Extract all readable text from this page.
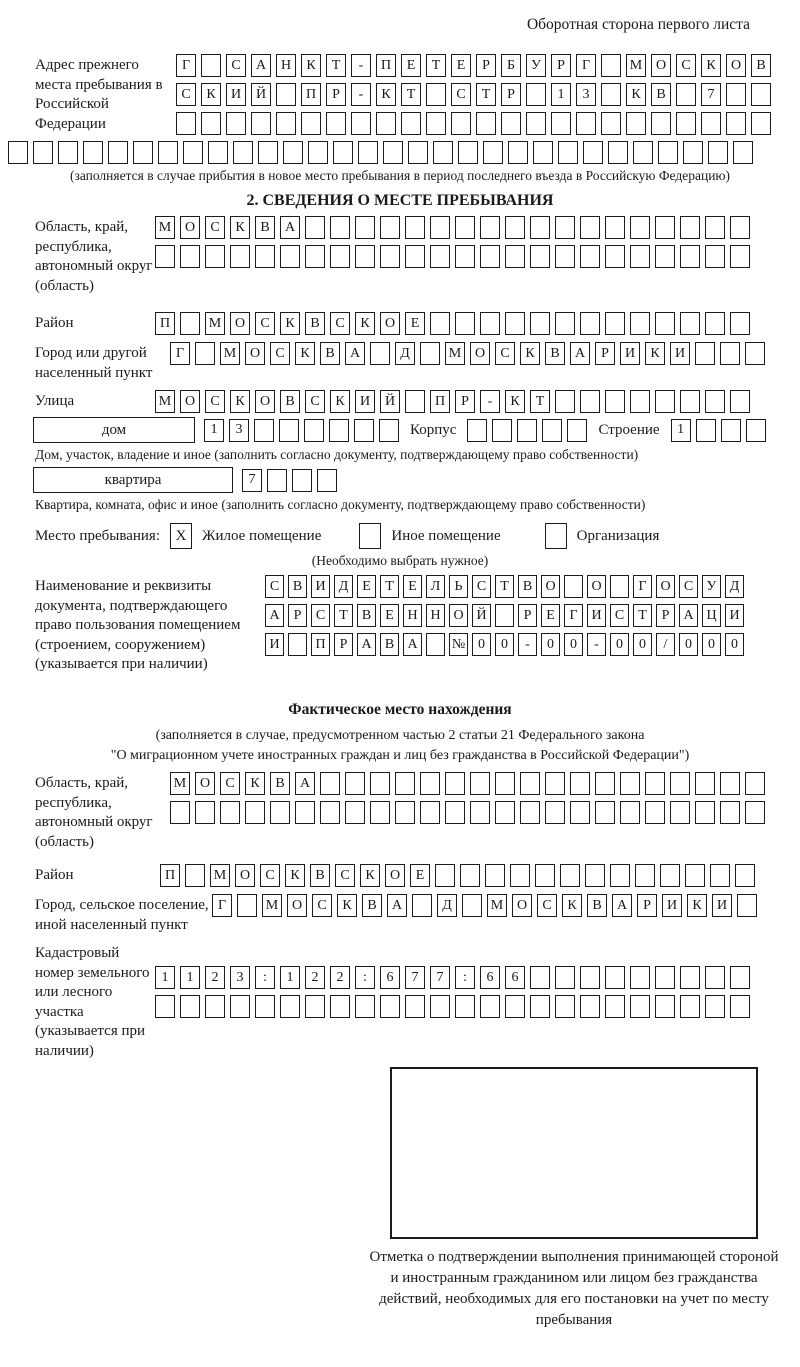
Оборотная сторона первого листа
Адрес прежнего места пребывания в Российской Федерации
Г	С	А	Н	К	Т	-	П	Е	Т	Е	Р	Б	У	Р	Г	М О	С	К	О	В
С	К	И	Й	П	Р	-	К	Т	С	Т	Р	1	3	К	В	7
(заполняется в случае прибытия в новое место пребывания в период последнего въезда в Российскую Федерацию)
2. СВЕДЕНИЯ О МЕСТЕ ПРЕБЫВАНИЯ
Область, край, республика, автономный округ (область)
М О	С	К	В	А
Район	П	М О	С	К	В	С	К	О	Е
Город или другой населенный пункт
Г	М О	С	К	В	А	Д	М О	С	К	В	А	Р	И	К	И
Улица	М О	С	К	О	В	С	К	И	Й	П	Р	-	К	Т
дом	1	3	Корпус	Строение	1
Дом, участок, владение и иное (заполнить согласно документу, подтверждающему право собственности)
квартира	7
Квартира, комната, офис и иное (заполнить согласно документу, подтверждающему право собственности)
Место пребывания:	X	Жилое помещение	Иное помещение	Организация
(Необходимо выбрать нужное)
Наименование и реквизиты документа, подтверждающего право пользования помещением (строением, сооружением) (указывается при наличии)
С В И Д Е	Т	Е Л	Ь	С	Т	В О	О	Г О С У Д
А	Р	С	Т	В	Е Н Н О Й	Р	Е	Г И С	Т	Р	А Ц И
И	П	Р	А В А	№ 0	0	-	0	0	-	0	0	/	0	0	0
Фактическое место нахождения
(заполняется в случае, предусмотренном частью 2 статьи 21 Федерального закона
"О миграционном учете иностранных граждан и лиц без гражданства в Российской Федерации")
Область, край, республика, автономный округ (область)
М О	С	К	В	А
Район	П	М О	С	К	В	С	К	О	Е
Город, сельское поселение, иной населенный пункт
Г	М О	С	К	В	А	Д	М О	С	К	В	А	Р	И	К	И
Кадастровый номер земельного или лесного участка (указывается при наличии)
1	1	2	3	:	1	2	2	:	6	7	7	:	6	6
Отметка о подтверждении выполнения принимающей стороной и иностранным гражданином или лицом без гражданства действий, необходимых для его постановки на учет по месту пребывания
